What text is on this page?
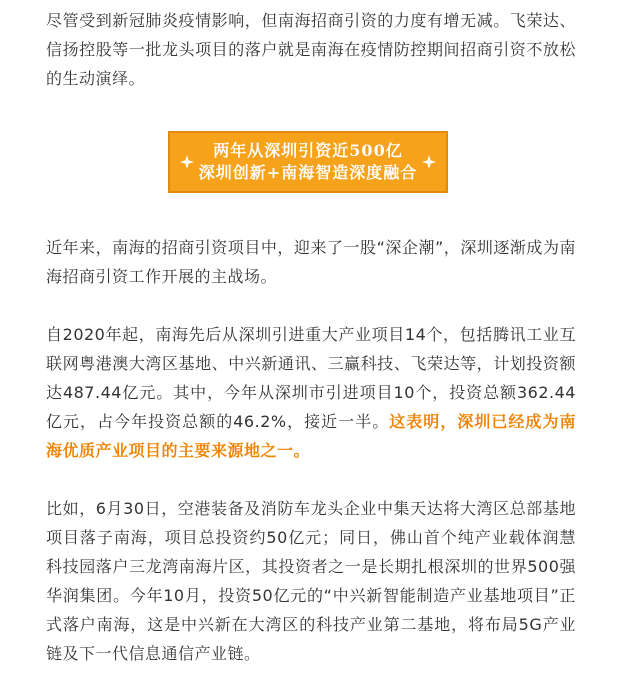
尽管受到新冠肺炎疫情影响，但南海招商引资的力度有增无减。飞荣达、信扬控股等一批龙头项目的落户就是南海在疫情防控期间招商引资不放松的生动演绎。

近年来，南海的招商引资项目中，迎来了一股“深企潮”，深圳逐渐成为南海招商引资工作开展的主战场。

自2020年起，南海先后从深圳引进重大产业项目14个，包括腾讯工业互联网粤港澳大湾区基地、中兴新通讯、三赢科技、飞荣达等，计划投资额达487.44亿元。其中，今年从深圳市引进项目10个，投资总额362.44亿元，占今年投资总额的46.2%，接近一半。这表明，深圳已经成为南海优质产业项目的主要来源地之一。

比如，6月30日，空港装备及消防车龙头企业中集天达将大湾区总部基地项目落子南海，项目总投资约50亿元；同日，佛山首个纯产业载体润慧科技园落户三龙湾南海片区，其投资者之一是长期扎根深圳的世界500强华润集团。今年10月，投资50亿元的“中兴新智能制造产业基地项目”正式落户南海，这是中兴新在大湾区的科技产业第二基地，将布局5G产业链及下一代信息通信产业链。

两年从深圳引资近500亿
深圳创新+南海智造深度融合
